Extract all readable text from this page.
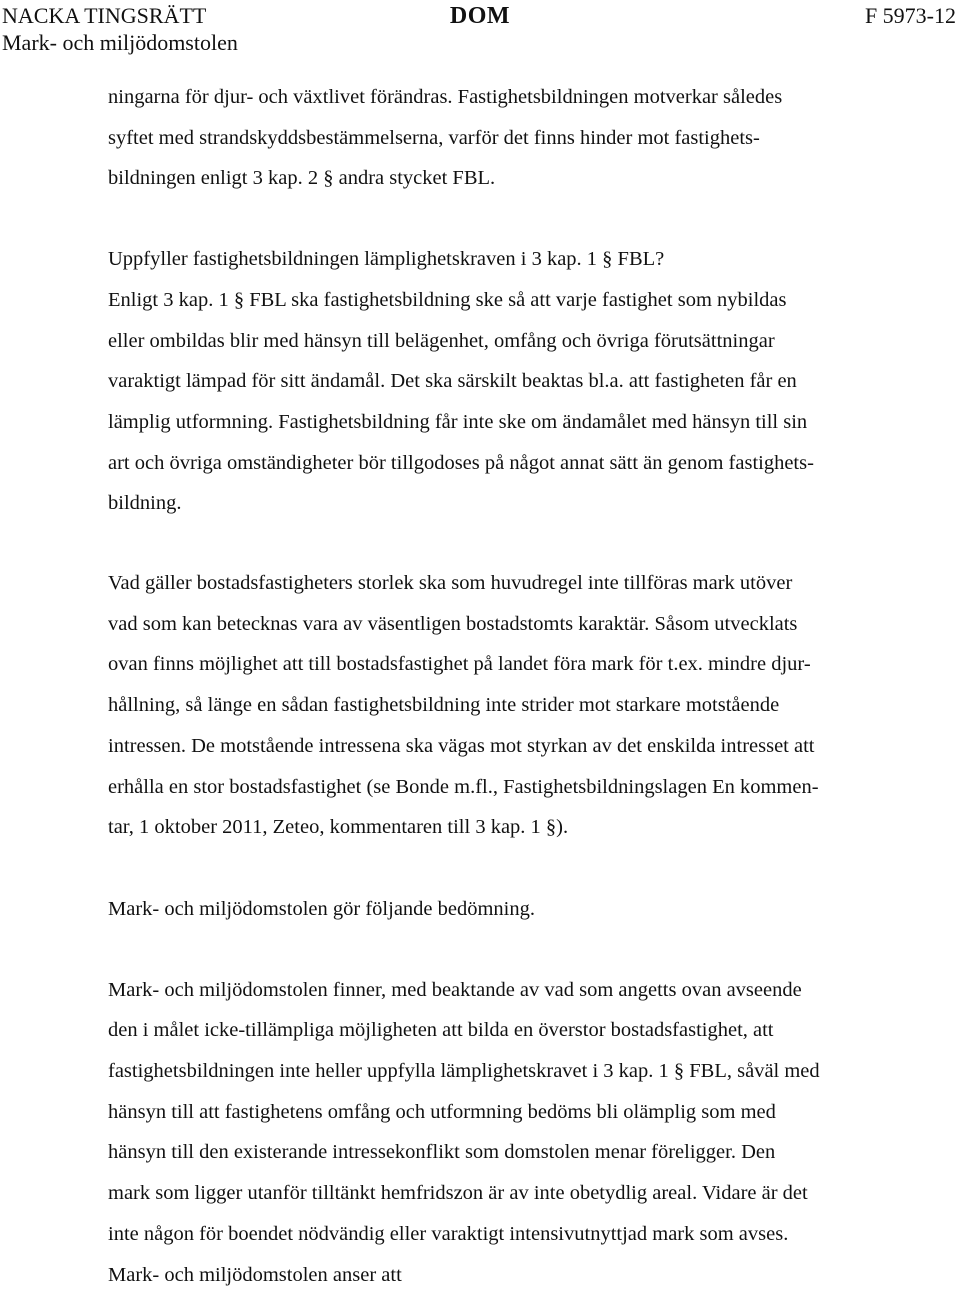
NACKA TINGSRÄTT
Mark- och miljödomstolen
DOM	F 5973-12
ningarna för djur- och växtlivet förändras. Fastighetsbildningen motverkar således
syftet med strandskyddsbestämmelserna, varför det finns hinder mot fastighets-
bildningen enligt 3 kap. 2 § andra stycket FBL.
Uppfyller fastighetsbildningen lämplighetskraven i 3 kap. 1 § FBL?
Enligt 3 kap. 1 § FBL ska fastighetsbildning ske så att varje fastighet som nybildas
eller ombildas blir med hänsyn till belägenhet, omfång och övriga förutsättningar
varaktigt lämpad för sitt ändamål. Det ska särskilt beaktas bl.a. att fastigheten får en
lämplig utformning. Fastighetsbildning får inte ske om ändamålet med hänsyn till sin
art och övriga omständigheter bör tillgodoses på något annat sätt än genom fastighets-
bildning.
Vad gäller bostadsfastigheters storlek ska som huvudregel inte tillföras mark utöver
vad som kan betecknas vara av väsentligen bostadstomts karaktär. Såsom utvecklats
ovan finns möjlighet att till bostadsfastighet på landet föra mark för t.ex. mindre djur-
hållning, så länge en sådan fastighetsbildning inte strider mot starkare motstående
intressen. De motstående intressena ska vägas mot styrkan av det enskilda intresset att
erhålla en stor bostadsfastighet (se Bonde m.fl., Fastighetsbildningslagen En kommen-
tar, 1 oktober 2011, Zeteo, kommentaren till 3 kap. 1 §).
Mark- och miljödomstolen gör följande bedömning.
Mark- och miljödomstolen finner, med beaktande av vad som angetts ovan avseende
den i målet icke-tillämpliga möjligheten att bilda en överstor bostadsfastighet, att
fastighetsbildningen inte heller uppfylla lämplighetskravet i 3 kap. 1 § FBL, såväl med
hänsyn till att fastighetens omfång och utformning bedöms bli olämplig som med
hänsyn till den existerande intressekonflikt som domstolen menar föreligger. Den
mark som ligger utanför tilltänkt hemfridszon är av inte obetydlig areal. Vidare är det
inte någon för boendet nödvändig eller varaktigt intensivutnyttjad mark som avses.
Mark- och miljödomstolen anser att
